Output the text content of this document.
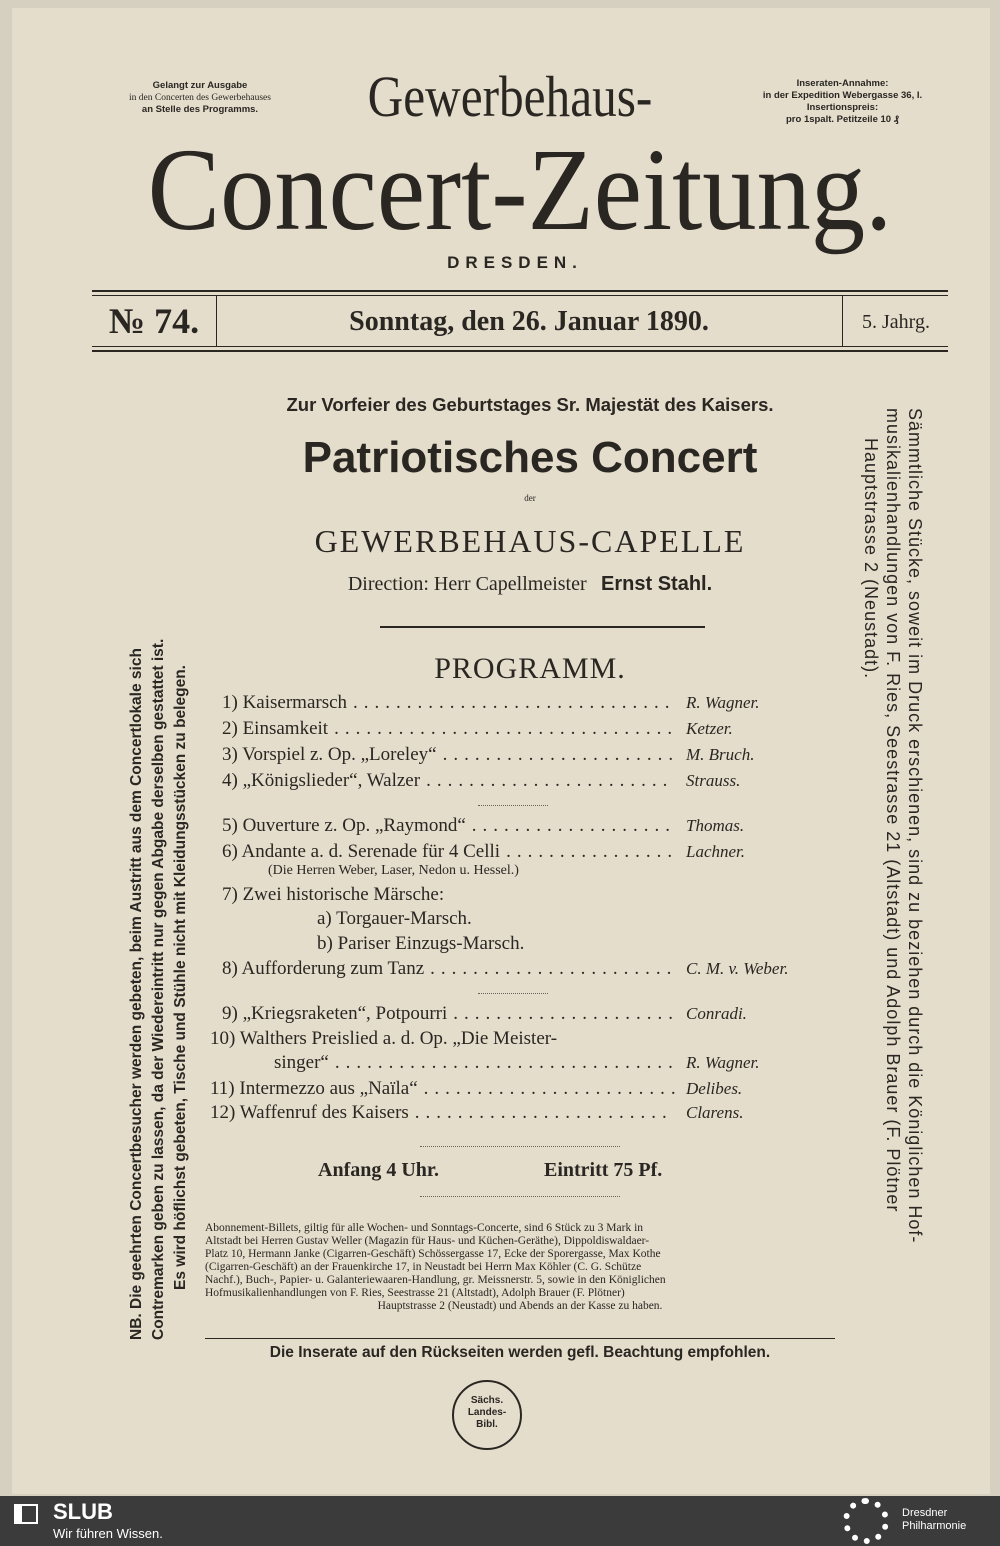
Gelangt zur Ausgabe
in den Concerten des Gewerbehauses
an Stelle des Programms.
Inseraten-Annahme:
in der Expedition Webergasse 36, I.
Insertionspreis:
pro 1spalt. Petitzeile 10 ₰
Gewerbehaus-
Concert-Zeitung.
DRESDEN.
№ 74.	Sonntag, den 26. Januar 1890.	5. Jahrg.
Zur Vorfeier des Geburtstages Sr. Majestät des Kaisers.
Patriotisches Concert
der
GEWERBEHAUS-CAPELLE
Direction: Herr Capellmeister Ernst Stahl.
PROGRAMM.
1) Kaisermarsch .............................. R. Wagner.
2) Einsamkeit ................................ Ketzer.
3) Vorspiel z. Op. „Loreley“ ...................... M. Bruch.
4) „Königslieder“, Walzer ....................... Strauss.
5) Ouverture z. Op. „Raymond“ ................... Thomas.
6) Andante a. d. Serenade für 4 Celli ................ Lachner.
7) Zwei historische Märsche:
a) Torgauer-Marsch.
b) Pariser Einzugs-Marsch.
8) Aufforderung zum Tanz ....................... C. M. v. Weber.
9) „Kriegsraketen“, Potpourri ..................... Conradi.
10) Walthers Preislied a. d. Op. „Die Meister-
singer“ ................................ R. Wagner.
11) Intermezzo aus „Naïla“ ........................ Delibes.
12) Waffenruf des Kaisers ........................ Clarens.
(Die Herren Weber, Laser, Nedon u. Hessel.)
Anfang 4 Uhr.	Eintritt 75 Pf.
Abonnement-Billets, giltig für alle Wochen- und Sonntags-Concerte, sind 6 Stück zu 3 Mark in
Altstadt bei Herren Gustav Weller (Magazin für Haus- und Küchen-Geräthe), Dippoldiswaldaer-
Platz 10, Hermann Janke (Cigarren-Geschäft) Schössergasse 17, Ecke der Sporergasse, Max Kothe
(Cigarren-Geschäft) an der Frauenkirche 17, in Neustadt bei Herrn Max Köhler (C. G. Schütze
Nachf.), Buch-, Papier- u. Galanteriewaaren-Handlung, gr. Meissnerstr. 5, sowie in den Königlichen
Hofmusikalienhandlungen von F. Ries, Seestrasse 21 (Altstadt), Adolph Brauer (F. Plötner)
Hauptstrasse 2 (Neustadt) und Abends an der Kasse zu haben.
Die Inserate auf den Rückseiten werden gefl. Beachtung empfohlen.
NB. Die geehrten Concertbesucher werden gebeten, beim Austritt aus dem Concertlokale sich Contremarken geben zu lassen, da der Wiedereintritt nur gegen Abgabe derselben gestattet ist. Es wird höflichst gebeten, Tische und Stühle nicht mit Kleidungsstücken zu belegen.	Sämmtliche Stücke, soweit im Druck erschienen, sind zu beziehen durch die Königlichen Hof-
musikalienhandlungen von F. Ries, Seestrasse 21 (Altstadt) und Adolph Brauer (F. Plötner
Hauptstrasse 2 (Neustadt).
Sächs.
Landes-
Bibl.
SLUB
Wir führen Wissen.
Dresdner
Philharmonie
